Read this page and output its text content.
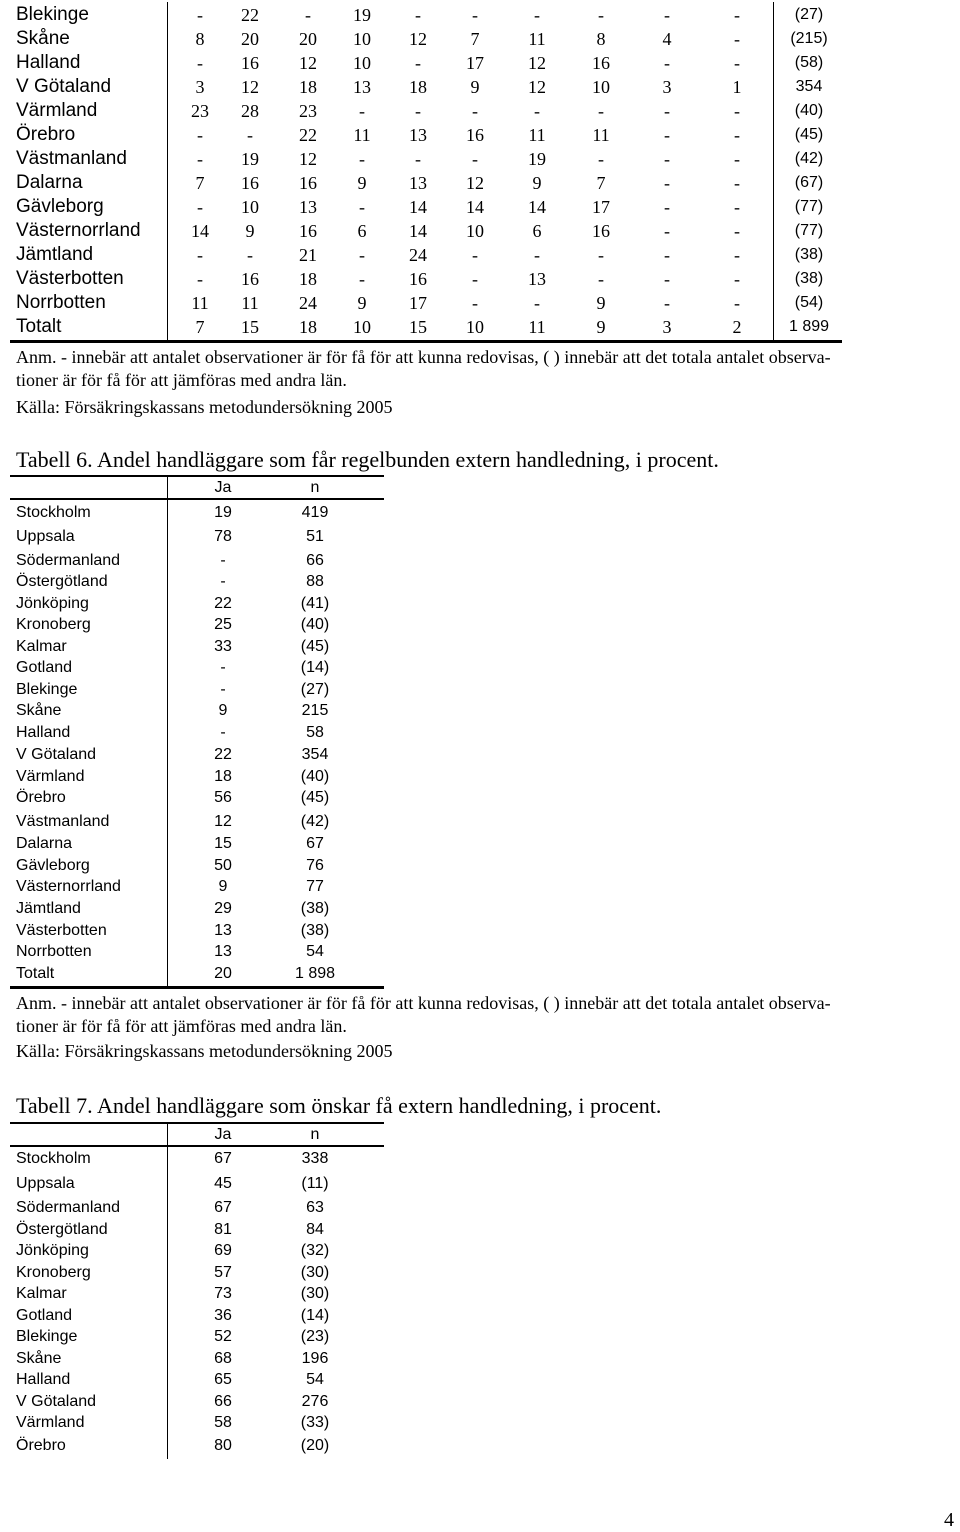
Blekinge	-	22	-	19	-	-	-	-	-	-	(27)
Skåne	8	20	20	10	12	7	11	8	4	-	(215)
Halland	-	16	12	10	-	17	12	16	-	-	(58)
V Götaland	3	12	18	13	18	9	12	10	3	1	354
Värmland	23	28	23	-	-	-	-	-	-	-	(40)
Örebro	-	-	22	11	13	16	11	11	-	-	(45)
Västmanland	-	19	12	-	-	-	19	-	-	-	(42)
Dalarna	7	16	16	9	13	12	9	7	-	-	(67)
Gävleborg	-	10	13	-	14	14	14	17	-	-	(77)
Västernorrland	14	9	16	6	14	10	6	16	-	-	(77)
Jämtland	-	-	21	-	24	-	-	-	-	-	(38)
Västerbotten	-	16	18	-	16	-	13	-	-	-	(38)
Norrbotten	11	11	24	9	17	-	-	9	-	-	(54)
Totalt	7	15	18	10	15	10	11	9	3	2	1 899
Anm. - innebär att antalet observationer är för få för att kunna redovisas, ( ) innebär att det totala antalet observa-
tioner är för få för att jämföras med andra län.
Källa: Försäkringskassans metodundersökning 2005
Tabell 6. Andel handläggare som får regelbunden extern handledning, i procent.
Ja	n
Stockholm	19	419
Uppsala	78	51
Södermanland	-	66
Östergötland	-	88
Jönköping	22	(41)
Kronoberg	25	(40)
Kalmar	33	(45)
Gotland	-	(14)
Blekinge	-	(27)
Skåne	9	215
Halland	-	58
V Götaland	22	354
Värmland	18	(40)
Örebro	56	(45)
Västmanland	12	(42)
Dalarna	15	67
Gävleborg	50	76
Västernorrland	9	77
Jämtland	29	(38)
Västerbotten	13	(38)
Norrbotten	13	54
Totalt	20	1 898
Anm. - innebär att antalet observationer är för få för att kunna redovisas, ( ) innebär att det totala antalet observa-
tioner är för få för att jämföras med andra län.
Källa: Försäkringskassans metodundersökning 2005
Tabell 7. Andel handläggare som önskar få extern handledning, i procent.
Ja	n
Stockholm	67	338
Uppsala	45	(11)
Södermanland	67	63
Östergötland	81	84
Jönköping	69	(32)
Kronoberg	57	(30)
Kalmar	73	(30)
Gotland	36	(14)
Blekinge	52	(23)
Skåne	68	196
Halland	65	54
V Götaland	66	276
Värmland	58	(33)
Örebro	80	(20)
4
